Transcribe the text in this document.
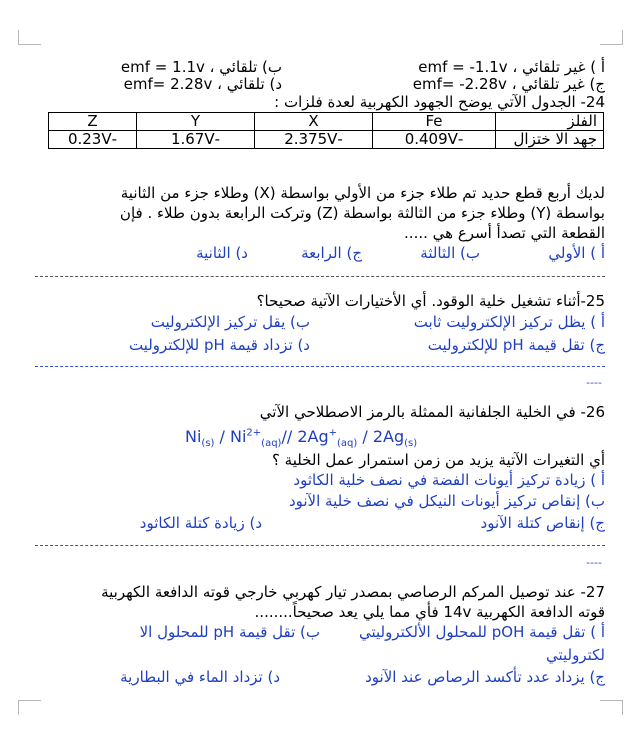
أ ) غير تلقائي ، emf = -1.1v
ب) تلقائي ، emf = 1.1v
ج) غير تلقائي ، emf= -2.28v
د) تلقائي ، emf= 2.28v
24- الجدول الآتي يوضح الجهود الكهربية لعدة فلزات :
الفلز	Fe	X	Y	Z
جهد الا ختزال	-0.409V	-2.375V	-1.67V	-0.23V
لديك أربع قطع حديد تم طلاء جزء من الأولي بواسطة (X) وطلاء جزء من الثانية
بواسطة (Y) وطلاء جزء من الثالثة بواسطة (Z) وتركت الرابعة بدون طلاء . فإن
القطعة التي تصدأ أسرع هي .....
أ ) الأولي
ب) الثالثة
ج) الرابعة
د) الثانية
25-أثناء تشغيل خلية الوقود. أي الأختيارات الآتية صحيحا؟
أ ) يظل تركيز الإلكتروليت ثابت
ب) يقل تركيز الإلكتروليت
ج) تقل قيمة pH للإلكتروليت
د) تزداد قيمة pH للإلكتروليت
----
26- في الخلية الجلفانية الممثلة بالرمز الاصطلاحي الآتي
$Ni_{(s)} / Ni^{2+}_{(aq)}//$ $2Ag^+_{(aq)} / 2Ag_{(s)}$
أي التغيرات الآتية يزيد من زمن استمرار عمل الخلية ؟
أ ) زيادة تركيز أيونات الفضة في نصف خلية الكاثود
ب) إنقاص تركيز أيونات النيكل في نصف خلية الآنود
ج) إنقاص كتلة الآنود
د) زيادة كتلة الكاثود
----
27- عند توصيل المركم الرصاصي بمصدر تيار كهربي خارجي قوته الدافعة الكهربية
قوته الدافعة الكهربية 14v فأي مما يلي يعد صحيحاً........
أ ) تقل قيمة pOH للمحلول الألكتروليتي
ب) تقل قيمة pH للمحلول الا
لكتروليتي
ج) يزداد عدد تأكسد الرصاص عند الآنود
د) تزداد الماء في البطارية
